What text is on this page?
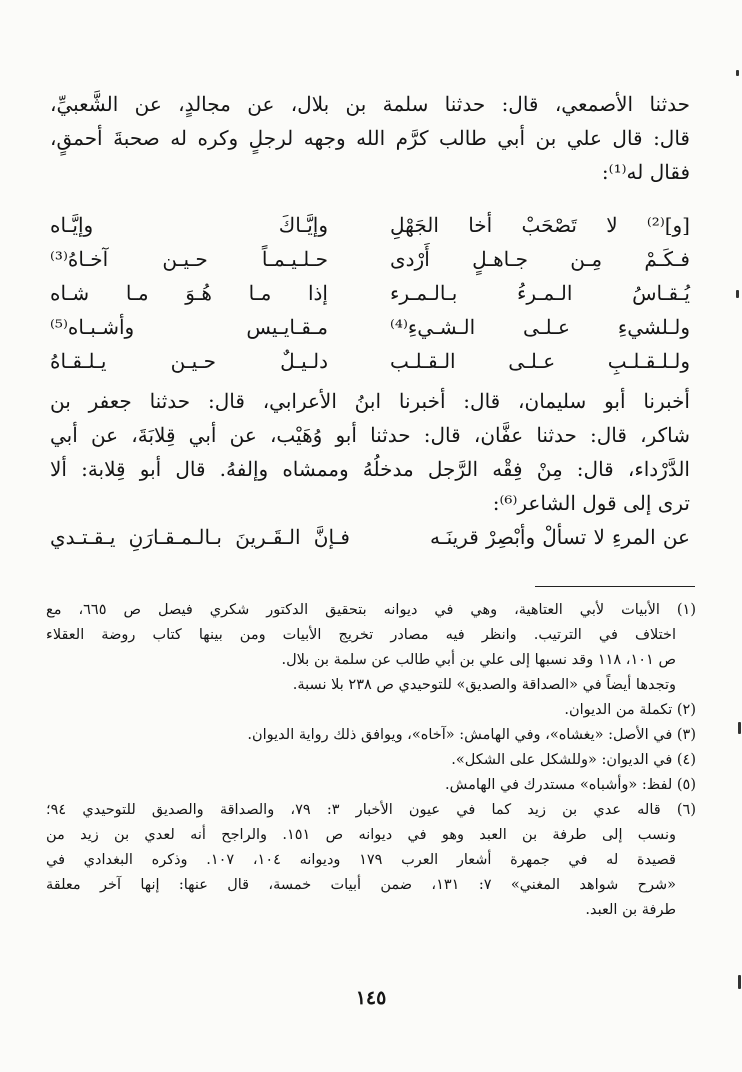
حدثنا الأصمعي، قال: حدثنا سلمة بن بلال، عن مجالدٍ، عن الشَّعبيِّ،
قال: قال علي بن أبي طالب كرَّم الله وجهه لرجلٍ وكره له صحبةَ أحمقٍ،
فقال له⁽¹⁾:
[و]⁽²⁾ لا تَصْحَبْ أخا الجَهْلِ
وإيَّـاكَ وإيَّـاه
فـكَـمْ مِـن جـاهـلٍ أَرْدى
حـلـيـمـاً حـيـن آخـاهُ⁽³⁾
يُـقـاسُ الـمـرءُ بـالـمـرء
إذا مـا هُـوَ مـا شـاه
ولـلشيءِ عـلـى الـشـيءِ⁽⁴⁾
مـقـايـيس وأشـبـاه⁽⁵⁾
ولـلـقـلـبِ عـلـى الـقـلـب
دلـيـلٌ حـيـن يـلـقـاهُ
أخبرنا أبو سليمان، قال: أخبرنا ابنُ الأعرابي، قال: حدثنا جعفر بن
شاكر، قال: حدثنا عفَّان، قال: حدثنا أبو وُهَيْب، عن أبي قِلابَةَ، عن أبي
الدَّرْداء، قال: مِنْ فِقْه الرَّجل مدخلُهُ وممشاه وإلفهُ. قال أبو قِلابة: ألا
ترى إلى قول الشاعر⁽⁶⁾:
عن المرءِ لا تسألْ وأبْصِرْ قرينَـه
فـإنَّ الـقَـرينَ بـالـمـقـارَنِ يـقـتـدي
(١) الأبيات لأبي العتاهية، وهي في ديوانه بتحقيق الدكتور شكري فيصل ص ٦٦٥، مع
اختلاف في الترتيب. وانظر فيه مصادر تخريج الأبيات ومن بينها كتاب روضة العقلاء
ص ١٠١، ١١٨ وقد نسبها إلى علي بن أبي طالب عن سلمة بن بلال.
وتجدها أيضاً في «الصداقة والصديق» للتوحيدي ص ٢٣٨ بلا نسبة.
(٢) تكملة من الديوان.
(٣) في الأصل: «يغشاه»، وفي الهامش: «آخاه»، ويوافق ذلك رواية الديوان.
(٤) في الديوان: «وللشكل على الشكل».
(٥) لفظ: «وأشباه» مستدرك في الهامش.
(٦) قاله عدي بن زيد كما في عيون الأخبار ٣: ٧٩، والصداقة والصديق للتوحيدي ٩٤؛
ونسب إلى طرفة بن العبد وهو في ديوانه ص ١٥١. والراجح أنه لعدي بن زيد من
قصيدة له في جمهرة أشعار العرب ١٧٩ وديوانه ١٠٤، ١٠٧. وذكره البغدادي في
«شرح شواهد المغني» ٧: ١٣١، ضمن أبيات خمسة، قال عنها: إنها آخر معلقة
طرفة بن العبد.
١٤٥
